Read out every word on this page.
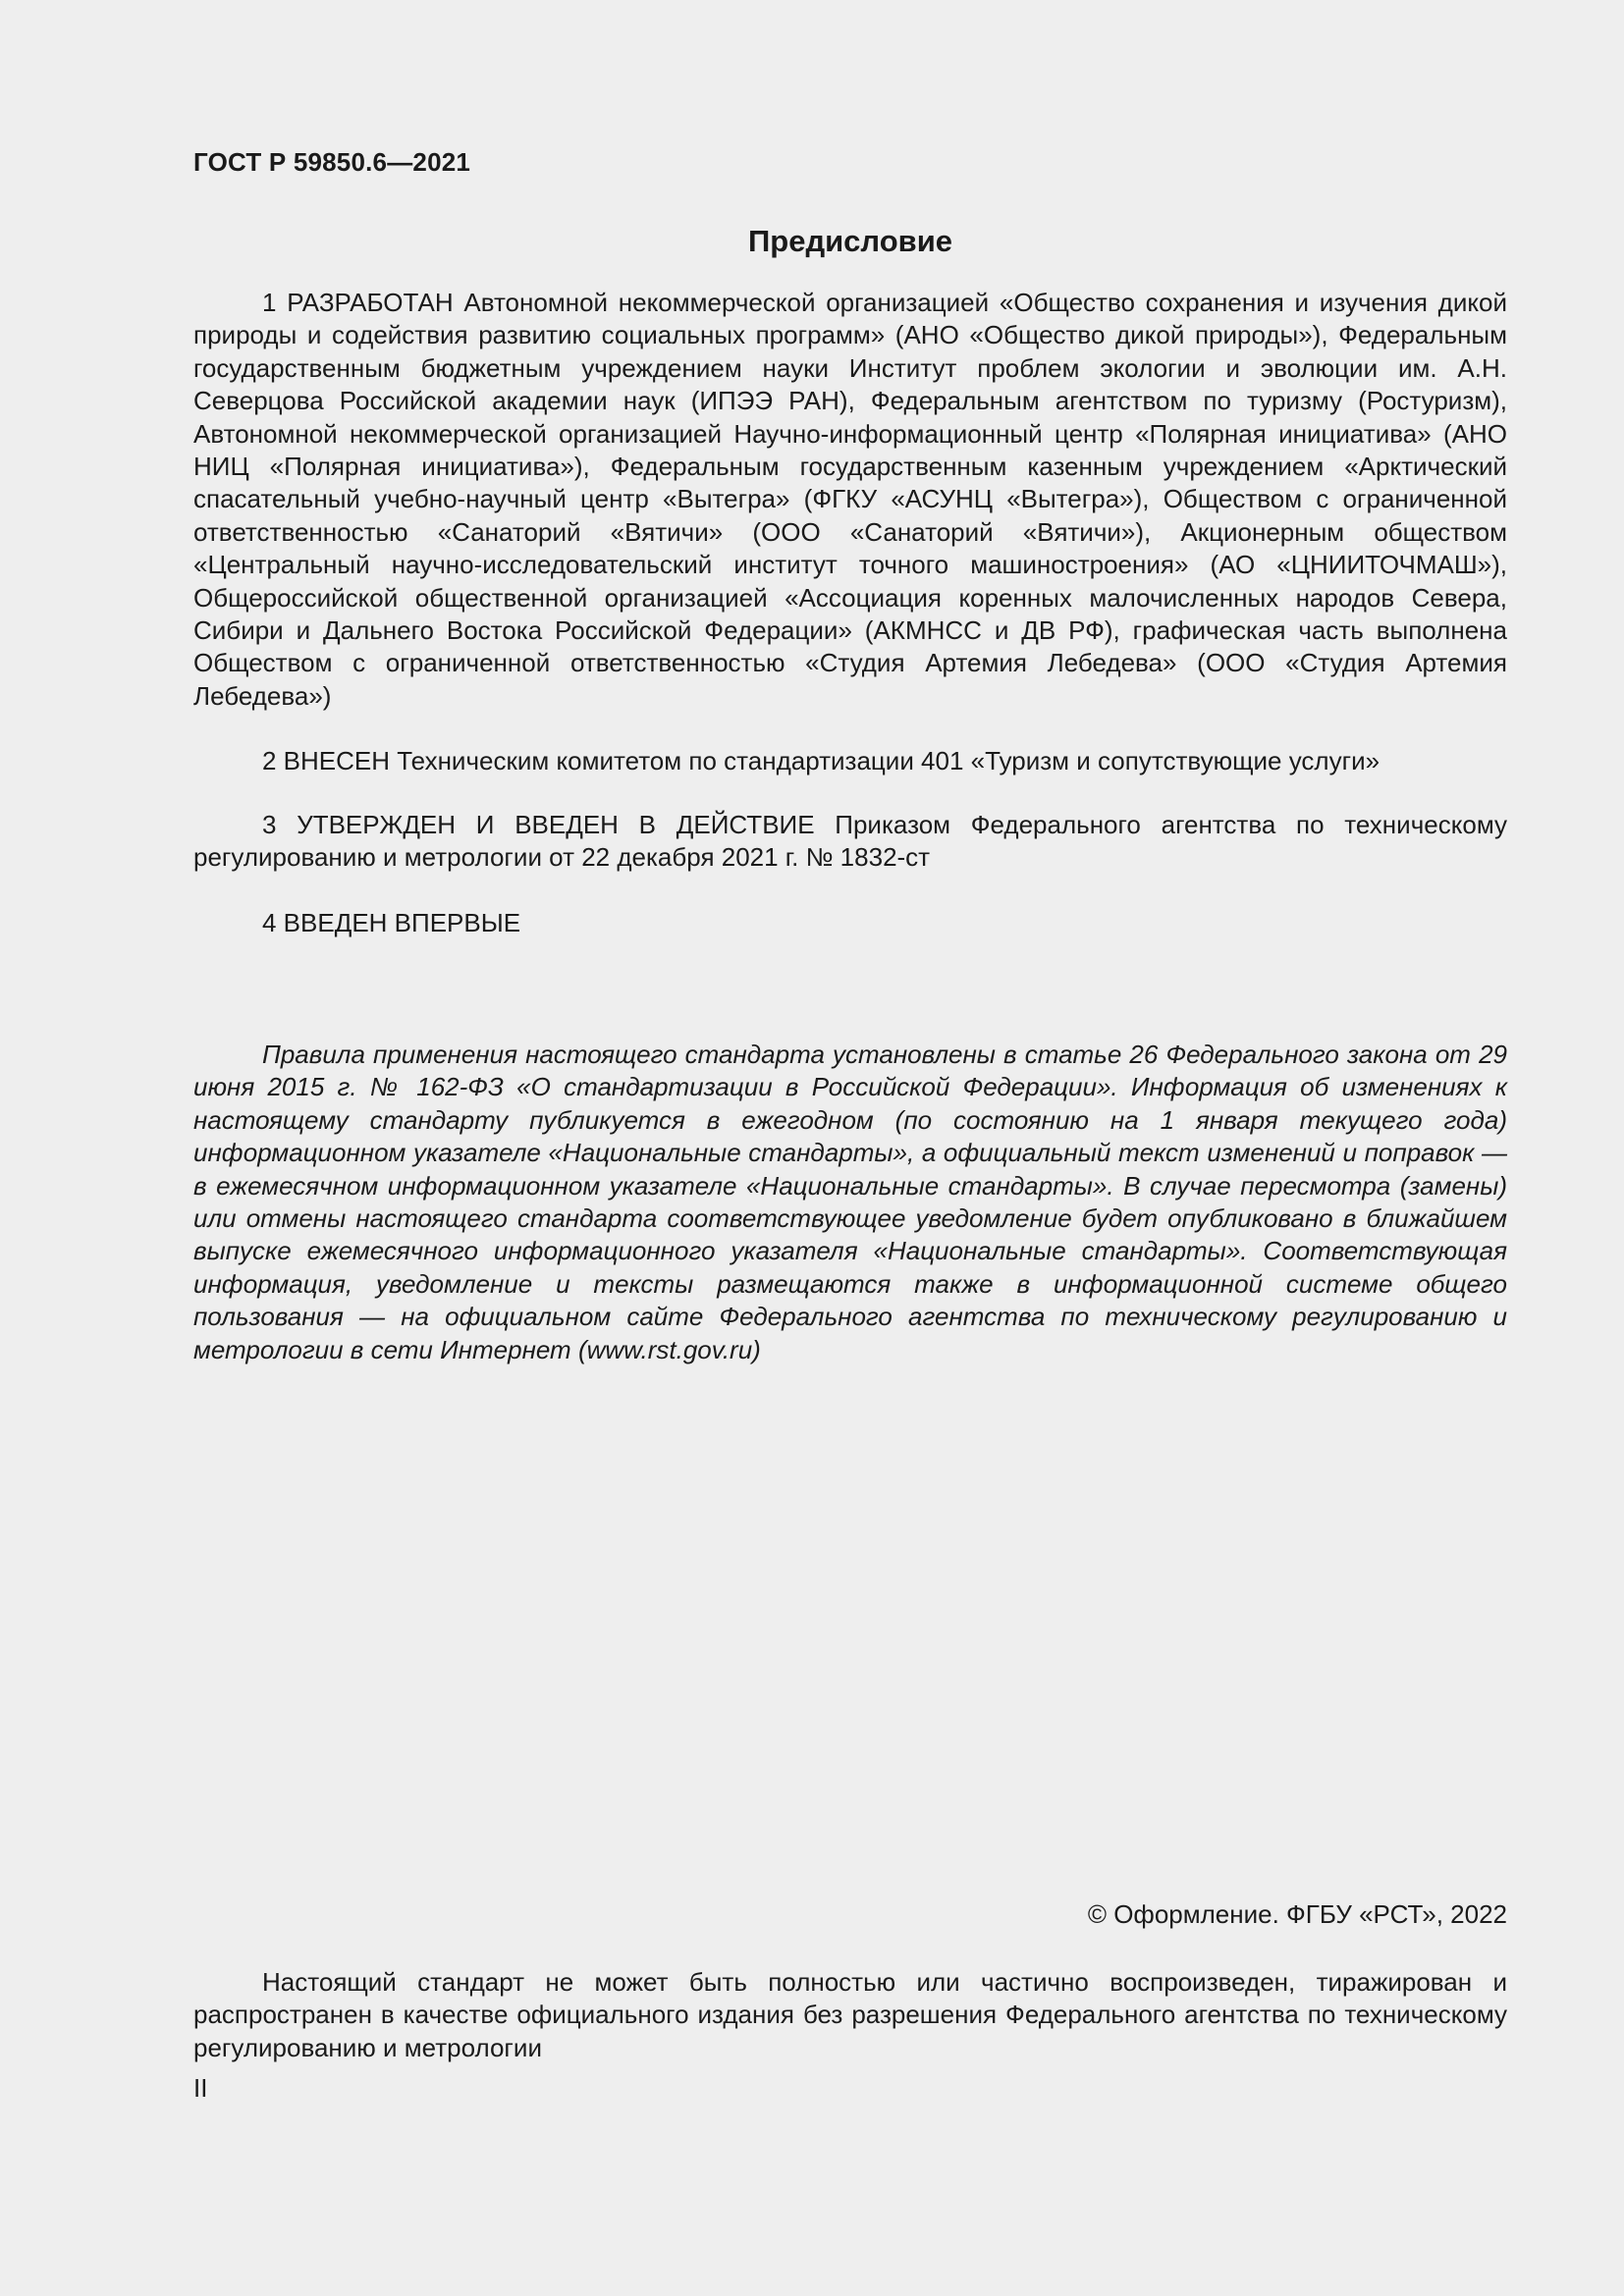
ГОСТ Р 59850.6—2021
Предисловие

1 РАЗРАБОТАН Автономной некоммерческой организацией «Общество сохранения и изучения дикой природы и содействия развитию социальных программ» (АНО «Общество дикой природы»), Федеральным государственным бюджетным учреждением науки Институт проблем экологии и эволюции им. А.Н. Северцова Российской академии наук (ИПЭЭ РАН), Федеральным агентством по туризму (Ростуризм), Автономной некоммерческой организацией Научно-информационный центр «Полярная инициатива» (АНО НИЦ «Полярная инициатива»), Федеральным государственным казенным учреждением «Арктический спасательный учебно-научный центр «Вытегра» (ФГКУ «АСУНЦ «Вытегра»), Обществом с ограниченной ответственностью «Санаторий «Вятичи» (ООО «Санаторий «Вятичи»), Акционерным обществом «Центральный научно-исследовательский институт точного машиностроения» (АО «ЦНИИТОЧМАШ»), Общероссийской общественной организацией «Ассоциация коренных малочисленных народов Севера, Сибири и Дальнего Востока Российской Федерации» (АКМНСС и ДВ РФ), графическая часть выполнена Обществом с ограниченной ответственностью «Студия Артемия Лебедева» (ООО «Студия Артемия Лебедева»)

2 ВНЕСЕН Техническим комитетом по стандартизации 401 «Туризм и сопутствующие услуги»

3 УТВЕРЖДЕН И ВВЕДЕН В ДЕЙСТВИЕ Приказом Федерального агентства по техническому регулированию и метрологии от 22 декабря 2021 г. № 1832-ст

4 ВВЕДЕН ВПЕРВЫЕ

Правила применения настоящего стандарта установлены в статье 26 Федерального закона от 29 июня 2015 г. № 162-ФЗ «О стандартизации в Российской Федерации». Информация об изменениях к настоящему стандарту публикуется в ежегодном (по состоянию на 1 января текущего года) информационном указателе «Национальные стандарты», а официальный текст изменений и поправок — в ежемесячном информационном указателе «Национальные стандарты». В случае пересмотра (замены) или отмены настоящего стандарта соответствующее уведомление будет опубликовано в ближайшем выпуске ежемесячного информационного указателя «Национальные стандарты». Соответствующая информация, уведомление и тексты размещаются также в информационной системе общего пользования — на официальном сайте Федерального агентства по техническому регулированию и метрологии в сети Интернет (www.rst.gov.ru)

© Оформление. ФГБУ «РСТ», 2022

Настоящий стандарт не может быть полностью или частично воспроизведен, тиражирован и распространен в качестве официального издания без разрешения Федерального агентства по техническому регулированию и метрологии

II
